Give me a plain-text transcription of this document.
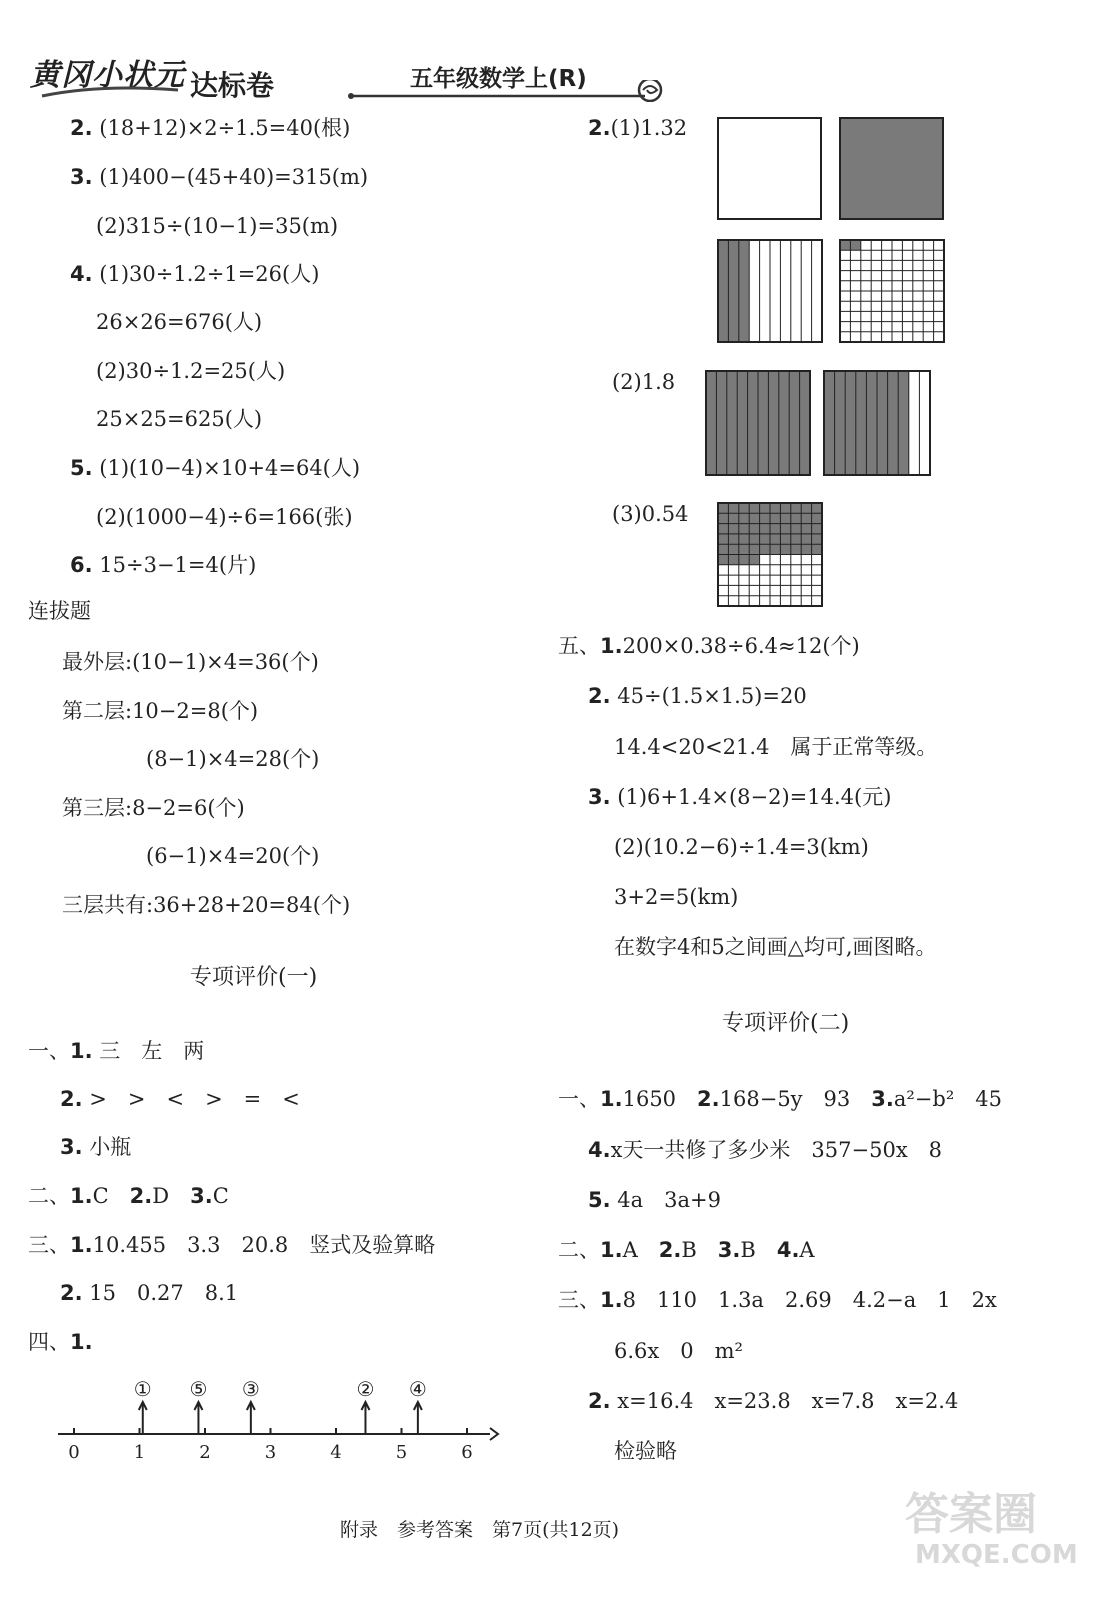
黄冈小状元 达标卷	五年级数学上(R)
2. (18+12)×2÷1.5=40(根)
3. (1)400−(45+40)=315(m)
(2)315÷(10−1)=35(m)
4. (1)30÷1.2÷1=26(人)
26×26=676(人)
(2)30÷1.2=25(人)
25×25=625(人)
5. (1)(10−4)×10+4=64(人)
(2)(1000−4)÷6=166(张)
6. 15÷3−1=4(片)
连拔题
最外层:(10−1)×4=36(个)
第二层:10−2=8(个)
(8−1)×4=28(个)
第三层:8−2=6(个)
(6−1)×4=20(个)
三层共有:36+28+20=84(个)
专项评价(一)
一、1. 三　左　两
2. >　>　<　>　=　<
3. 小瓶
二、1.C　 2.D　 3.C
三、1.10.455　3.3　20.8　竖式及验算略
2. 15　0.27　8.1
四、1.
0	1	2	3	4	5	6
① ⑤ ③	② ④
2.(1)1.32
(2)1.8
(3)0.54
五、1.200×0.38÷6.4≈12(个)
2. 45÷(1.5×1.5)=20
14.4<20<21.4　属于正常等级。
3. (1)6+1.4×(8−2)=14.4(元)
(2)(10.2−6)÷1.4=3(km)
3+2=5(km)
在数字4和5之间画△均可,画图略。
专项评价(二)
一、1.1650　 2.168−5y　93　 3.a²−b²　45
4.x天一共修了多少米　357−50x　8
5. 4a　3a+9
二、1.A　 2.B　 3.B　 4.A
三、1.8　110　1.3a　2.69　4.2−a　1　2x
6.6x　0　m²
2. x=16.4　x=23.8　x=7.8　x=2.4
检验略
附录　参考答案　第7页(共12页)	答案圈
MXQE.COM
